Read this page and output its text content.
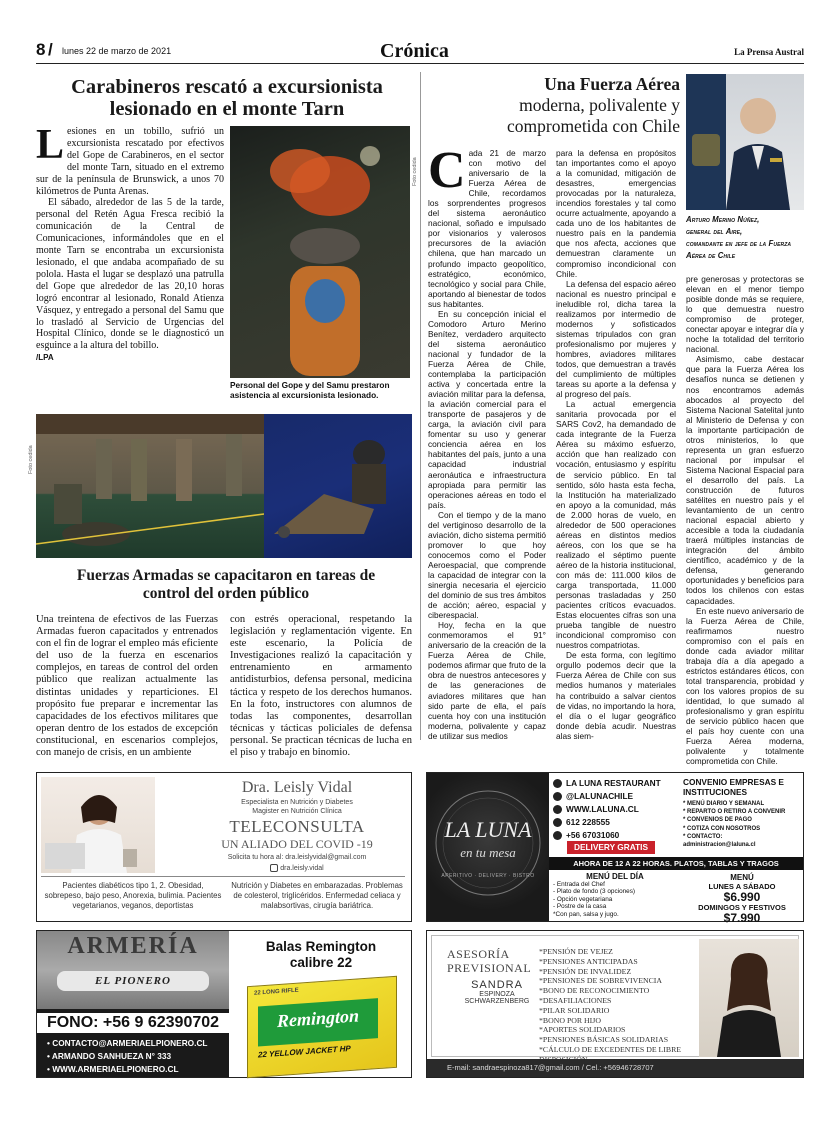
8 / lunes 22 de marzo de 2021	Crónica	La Prensa Austral
Carabineros rescató a excursionista lesionado en el monte Tarn
L esiones en un tobillo, sufrió un excursionista rescatado por efectivos del Gope de Carabineros, en el sector del monte Tarn, situado en el extremo sur de la península de Brunswick, a unos 70 kilómetros de Punta Arenas.

El sábado, alrededor de las 5 de la tarde, personal del Retén Agua Fresca recibió la comunicación de la Central de Comunicaciones, informándoles que en el monte Tarn se encontraba un excursionista lesionado, el que andaba acompañado de su polola. Hasta el lugar se desplazó una patrulla del Gope que alrededor de las 20,10 horas logró encontrar al lesionado, Ronald Atienza Vásquez, y entregado a personal del Samu que lo trasladó al Servicio de Urgencias del Hospital Clínico, donde se le diagnosticó un esguince a la altura del tobillo.

/LPA

Foto cedida
Personal del Gope y del Samu prestaron asistencia al excursionista lesionado.
Foto cedida
Fuerzas Armadas se capacitaron en tareas de control del orden público
Una treintena de efectivos de las Fuerzas Armadas fueron capacitados y entrenados con el fin de lograr el empleo más eficiente del uso de la fuerza en escenarios complejos, en tareas de control del orden público que realizan actualmente las distintas unidades y reparticiones. El propósito fue preparar e incrementar las capacidades de los efectivos militares que operan dentro de los estados de excepción constitucional, en escenarios complejos, con manejo de crisis, en un ambiente
con estrés operacional, respetando la legislación y reglamentación vigente. En este escenario, la Policía de Investigaciones realizó la capacitación y entrenamiento en armamento antidisturbios, defensa personal, medicina táctica y respeto de los derechos humanos. En la foto, instructores con alumnos de todas las componentes, desarrollan técnicas y tácticas policiales de defensa personal. Se practican técnicas de lucha en el piso y trabajo en binomio.
Una Fuerza Aérea
moderna, polivalente y
comprometida con Chile
Arturo Merino Núñez,
general del Aire,
comandante en jefe de la Fuerza Aérea de Chile
C ada 21 de marzo con motivo del aniversario de la Fuerza Aérea de Chile, recordamos los sorprendentes progresos del sistema aeronáutico nacional, soñado e impulsado por visionarios y valerosos precursores de la aviación chilena, que han marcado un profundo impacto geopolítico, estratégico, económico, tecnológico y social para Chile, aportando al bienestar de todos sus habitantes.

En su concepción inicial el Comodoro Arturo Merino Benítez, verdadero arquitecto del sistema aeronáutico nacional y fundador de la Fuerza Aérea de Chile, contemplaba la participación activa y concertada entre la aviación militar para la defensa, la aviación comercial para el transporte de pasajeros y de carga, la aviación civil para fomentar su uso y generar conciencia aérea en los habitantes del país, junto a una capacidad industrial aeronáutica e infraestructura apropiada para permitir las operaciones aéreas en todo el país.

Con el tiempo y de la mano del vertiginoso desarrollo de la aviación, dicho sistema permitió promover lo que hoy conocemos como el Poder Aeroespacial, que comprende la capacidad de integrar con la sinergia necesaria el ejercicio del dominio de sus tres ámbitos de acción; aéreo, espacial y ciberespacial.

Hoy, fecha en la que conmemoramos el 91° aniversario de la creación de la Fuerza Aérea de Chile, podemos afirmar que fruto de la obra de nuestros antecesores y de las generaciones de aviadores militares que han sido parte de ella, el país cuenta hoy con una institución moderna, polivalente y capaz de utilizar sus medios

para la defensa en propósitos tan importantes como el apoyo a la comunidad, mitigación de desastres, emergencias provocadas por la naturaleza, incendios forestales y tal como ocurre actualmente, apoyando a cada uno de los habitantes de nuestro país en la pandemia que nos afecta, acciones que demuestran claramente un compromiso incondicional con Chile.

La defensa del espacio aéreo nacional es nuestro principal e ineludible rol, dicha tarea la realizamos por intermedio de modernos y sofisticados sistemas tripulados con gran profesionalismo por mujeres y hombres, aviadores militares todos, que demuestran a través del cumplimiento de múltiples tareas su aporte a la defensa y al progreso del país.

La actual emergencia sanitaria provocada por el SARS Cov2, ha demandado de cada integrante de la Fuerza Aérea su máximo esfuerzo, acción que han realizado con vocación, entusiasmo y espíritu de servicio público. En tal sentido, sólo hasta esta fecha, la Institución ha materializado en apoyo a la comunidad, más de 2.000 horas de vuelo, en alrededor de 500 operaciones aéreas en distintos medios aéreos, con los que se ha realizado el séptimo puente aéreo de la historia institucional, con más de: 111.000 kilos de carga transportada, 11.000 personas trasladadas y 250 pacientes críticos evacuados. Estas elocuentes cifras son una prueba tangible de nuestro incondicional compromiso con nuestros compatriotas.

De esta forma, con legítimo orgullo podemos decir que la Fuerza Aérea de Chile con sus medios humanos y materiales ha contribuido a salvar cientos de vidas, no importando la hora, el día o el lugar geográfico donde debía acudir. Nuestras alas siem-

pre generosas y protectoras se elevan en el menor tiempo posible donde más se requiere, lo que demuestra nuestro compromiso de proteger, conectar apoyar e integrar día y noche la totalidad del territorio nacional.

Asimismo, cabe destacar que para la Fuerza Aérea los desafíos nunca se detienen y nos encontramos además abocados al proyecto del Sistema Nacional Satelital junto al Ministerio de Defensa y con la importante participación de otros ministerios, lo que representa un gran esfuerzo nacional por impulsar el Sistema Nacional Espacial para el desarrollo del país. La construcción de futuros satélites en nuestro país y el levantamiento de un centro nacional espacial abierto y accesible a toda la ciudadanía traerá múltiples instancias de integración del ámbito científico, académico y de la defensa, generando oportunidades y beneficios para todos los chilenos con estas capacidades.

En este nuevo aniversario de la Fuerza Aérea de Chile, reafirmamos nuestro compromiso con el país en donde cada aviador militar trabaja día a día apegado a estrictos estándares éticos, con total transparencia, probidad y con los valores propios de su identidad, lo que sumado al profesionalismo y gran espíritu de servicio público hacen que el país hoy cuente con una Fuerza Aérea moderna, polivalente y totalmente comprometida con Chile.

Dra. Leisly Vidal
Especialista en Nutrición y Diabetes
Magister en Nutrición Clínica
TELECONSULTA
UN ALIADO DEL COVID -19
Solicita tu hora al: dra.leislyvidal@gmail.com
dra.leisly.vidal
Pacientes diabéticos tipo 1, 2. Obesidad, sobrepeso, bajo peso, Anorexia, bulimia. Pacientes vegetarianos, veganos, deportistas
Nutrición y Diabetes en embarazadas. Problemas de colesterol, triglicéridos. Enfermedad celiaca y malabsortivas, cirugía bariátrica.
LA LUNA
en tu mesa
APERITIVO · DELIVERY · BISTRO
LA LUNA RESTAURANT
@LALUNACHILE
WWW.LALUNA.CL
612 228555
+56 67031060
DELIVERY GRATIS
CONVENIO EMPRESAS E INSTITUCIONES
* MENÚ DIARIO Y SEMANAL
* REPARTO O RETIRO A CONVENIR
* CONVENIOS DE PAGO
* COTIZA CON NOSOTROS
* CONTACTO:
administracion@laluna.cl
AHORA DE 12 A 22 HORAS. PLATOS, TABLAS Y TRAGOS
MENÚ DEL DÍA
- Entrada del Chef
- Plato de fondo (3 opciones)
- Opción vegetariana
- Postre de la casa
*Con pan, salsa y jugo.
MENÚ
LUNES A SÁBADO
$6.990
DOMINGOS Y FESTIVOS
$7.990
ARMERÍA
EL PIONERO
FONO: +56 9 62390702
• CONTACTO@ARMERIAELPIONERO.CL
• ARMANDO SANHUEZA N° 333
• WWW.ARMERIAELPIONERO.CL
Balas Remington
calibre 22
22 LONG RIFLE
Remington
22 YELLOW JACKET HP
ASESORÍA
PREVISIONAL
SANDRA
ESPINOZA
SCHWARZENBERG
*PENSIÓN DE VEJEZ
*PENSIONES ANTICIPADAS
*PENSIÓN DE INVALIDEZ
*PENSIONES DE SOBREVIVENCIA
*BONO DE RECONOCIMIENTO
*DESAFILIACIONES
*PILAR SOLIDARIO
*BONO POR HIJO
*APORTES SOLIDARIOS
*PENSIONES BÁSICAS SOLIDARIAS
*CÁLCULO DE EXCEDENTES DE LIBRE
E-mail: sandraespinoza817@gmail.com / Cel.: +56946728707
